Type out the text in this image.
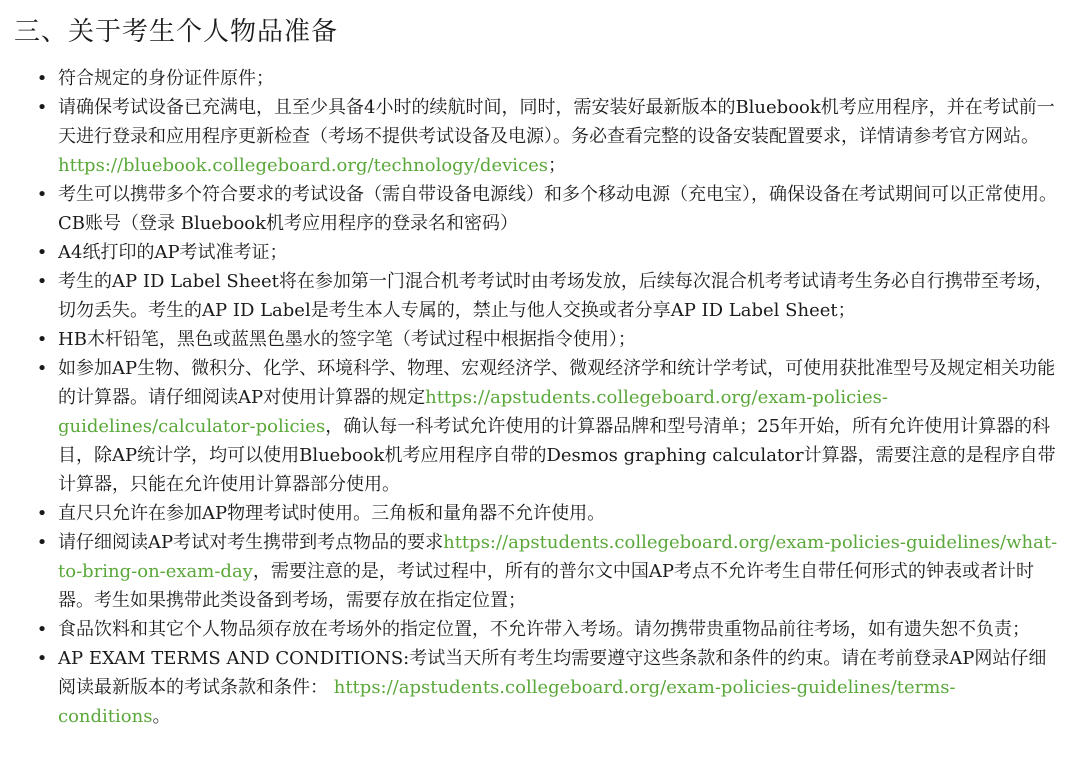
三、关于考生个人物品准备
• 符合规定的身份证件原件；
• 请确保考试设备已充满电，且至少具备4小时的续航时间，同时，需安装好最新版本的Bluebook机考应用程序，并在考试前一天进行登录和应用程序更新检查（考场不提供考试设备及电源）。务必查看完整的设备安装配置要求，详情请参考官方网站。https://bluebook.collegeboard.org/technology/devices；
• 考生可以携带多个符合要求的考试设备（需自带设备电源线）和多个移动电源（充电宝），确保设备在考试期间可以正常使用。CB账号（登录 Bluebook机考应用程序的登录名和密码）
• A4纸打印的AP考试准考证；
• 考生的AP ID Label Sheet将在参加第一门混合机考考试时由考场发放，后续每次混合机考考试请考生务必自行携带至考场，切勿丢失。考生的AP ID Label是考生本人专属的，禁止与他人交换或者分享AP ID Label Sheet；
• HB木杆铅笔，黑色或蓝黑色墨水的签字笔（考试过程中根据指令使用）；
• 如参加AP生物、微积分、化学、环境科学、物理、宏观经济学、微观经济学和统计学考试，可使用获批准型号及规定相关功能的计算器。请仔细阅读AP对使用计算器的规定https://apstudents.collegeboard.org/exam-policies-guidelines/calculator-policies，确认每一科考试允许使用的计算器品牌和型号清单；25年开始，所有允许使用计算器的科目，除AP统计学，均可以使用Bluebook机考应用程序自带的Desmos graphing calculator计算器，需要注意的是程序自带计算器，只能在允许使用计算器部分使用。
• 直尺只允许在参加AP物理考试时使用。三角板和量角器不允许使用。
• 请仔细阅读AP考试对考生携带到考点物品的要求https://apstudents.collegeboard.org/exam-policies-guidelines/what-to-bring-on-exam-day，需要注意的是，考试过程中，所有的普尔文中国AP考点不允许考生自带任何形式的钟表或者计时器。考生如果携带此类设备到考场，需要存放在指定位置；
• 食品饮料和其它个人物品须存放在考场外的指定位置，不允许带入考场。请勿携带贵重物品前往考场，如有遗失恕不负责；
• AP EXAM TERMS AND CONDITIONS:考试当天所有考生均需要遵守这些条款和条件的约束。请在考前登录AP网站仔细阅读最新版本的考试条款和条件： https://apstudents.collegeboard.org/exam-policies-guidelines/terms-conditions。
